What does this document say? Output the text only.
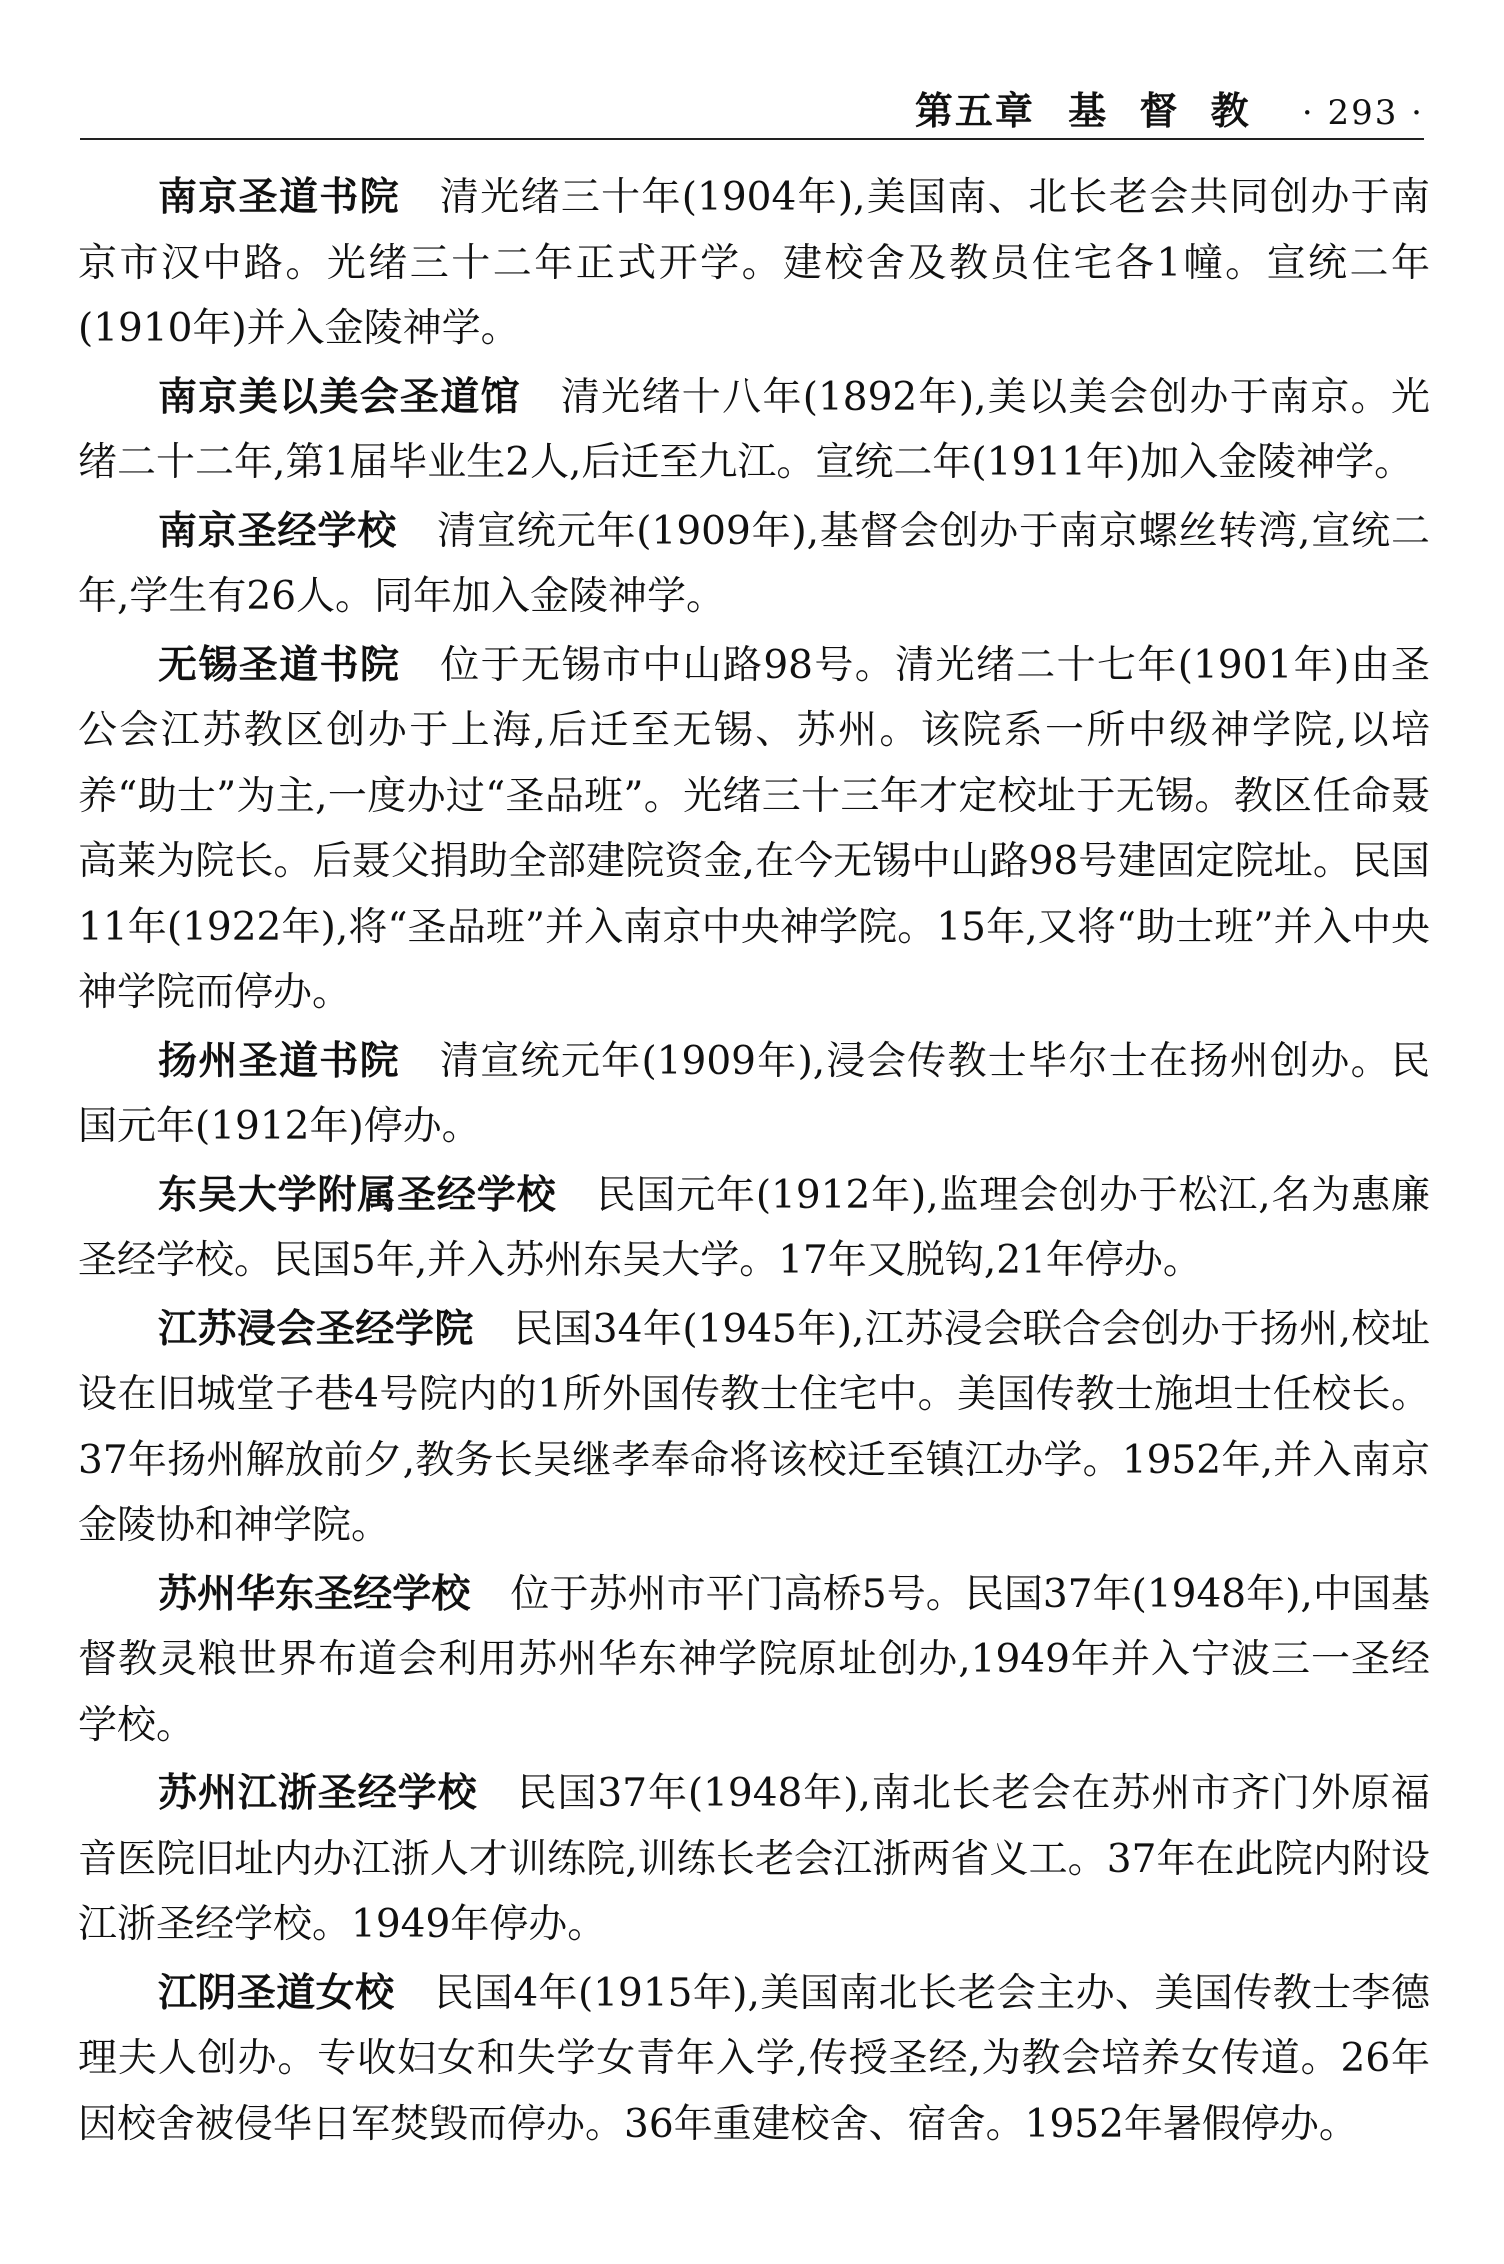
第五章 基 督 教 · 293 ·

南京圣道书院 清光绪三十年(1904年),美国南、北长老会共同创办于南京市汉中路。光绪三十二年正式开学。建校舍及教员住宅各1幢。宣统二年(1910年)并入金陵神学。

南京美以美会圣道馆 清光绪十八年(1892年),美以美会创办于南京。光绪二十二年,第1届毕业生2人,后迁至九江。宣统二年(1911年)加入金陵神学。

南京圣经学校 清宣统元年(1909年),基督会创办于南京螺丝转湾,宣统二年,学生有26人。同年加入金陵神学。

无锡圣道书院 位于无锡市中山路98号。清光绪二十七年(1901年)由圣公会江苏教区创办于上海,后迁至无锡、苏州。该院系一所中级神学院,以培养“助士”为主,一度办过“圣品班”。光绪三十三年才定校址于无锡。教区任命聂高莱为院长。后聂父捐助全部建院资金,在今无锡中山路98号建固定院址。民国11年(1922年),将“圣品班”并入南京中央神学院。15年,又将“助士班”并入中央神学院而停办。

扬州圣道书院 清宣统元年(1909年),浸会传教士毕尔士在扬州创办。民国元年(1912年)停办。

东吴大学附属圣经学校 民国元年(1912年),监理会创办于松江,名为惠廉圣经学校。民国5年,并入苏州东吴大学。17年又脱钩,21年停办。

江苏浸会圣经学院 民国34年(1945年),江苏浸会联合会创办于扬州,校址设在旧城堂子巷4号院内的1所外国传教士住宅中。美国传教士施坦士任校长。37年扬州解放前夕,教务长吴继孝奉命将该校迁至镇江办学。1952年,并入南京金陵协和神学院。

苏州华东圣经学校 位于苏州市平门高桥5号。民国37年(1948年),中国基督教灵粮世界布道会利用苏州华东神学院原址创办,1949年并入宁波三一圣经学校。

苏州江浙圣经学校 民国37年(1948年),南北长老会在苏州市齐门外原福音医院旧址内办江浙人才训练院,训练长老会江浙两省义工。37年在此院内附设江浙圣经学校。1949年停办。

江阴圣道女校 民国4年(1915年),美国南北长老会主办、美国传教士李德理夫人创办。专收妇女和失学女青年入学,传授圣经,为教会培养女传道。26年因校舍被侵华日军焚毁而停办。36年重建校舍、宿舍。1952年暑假停办。
